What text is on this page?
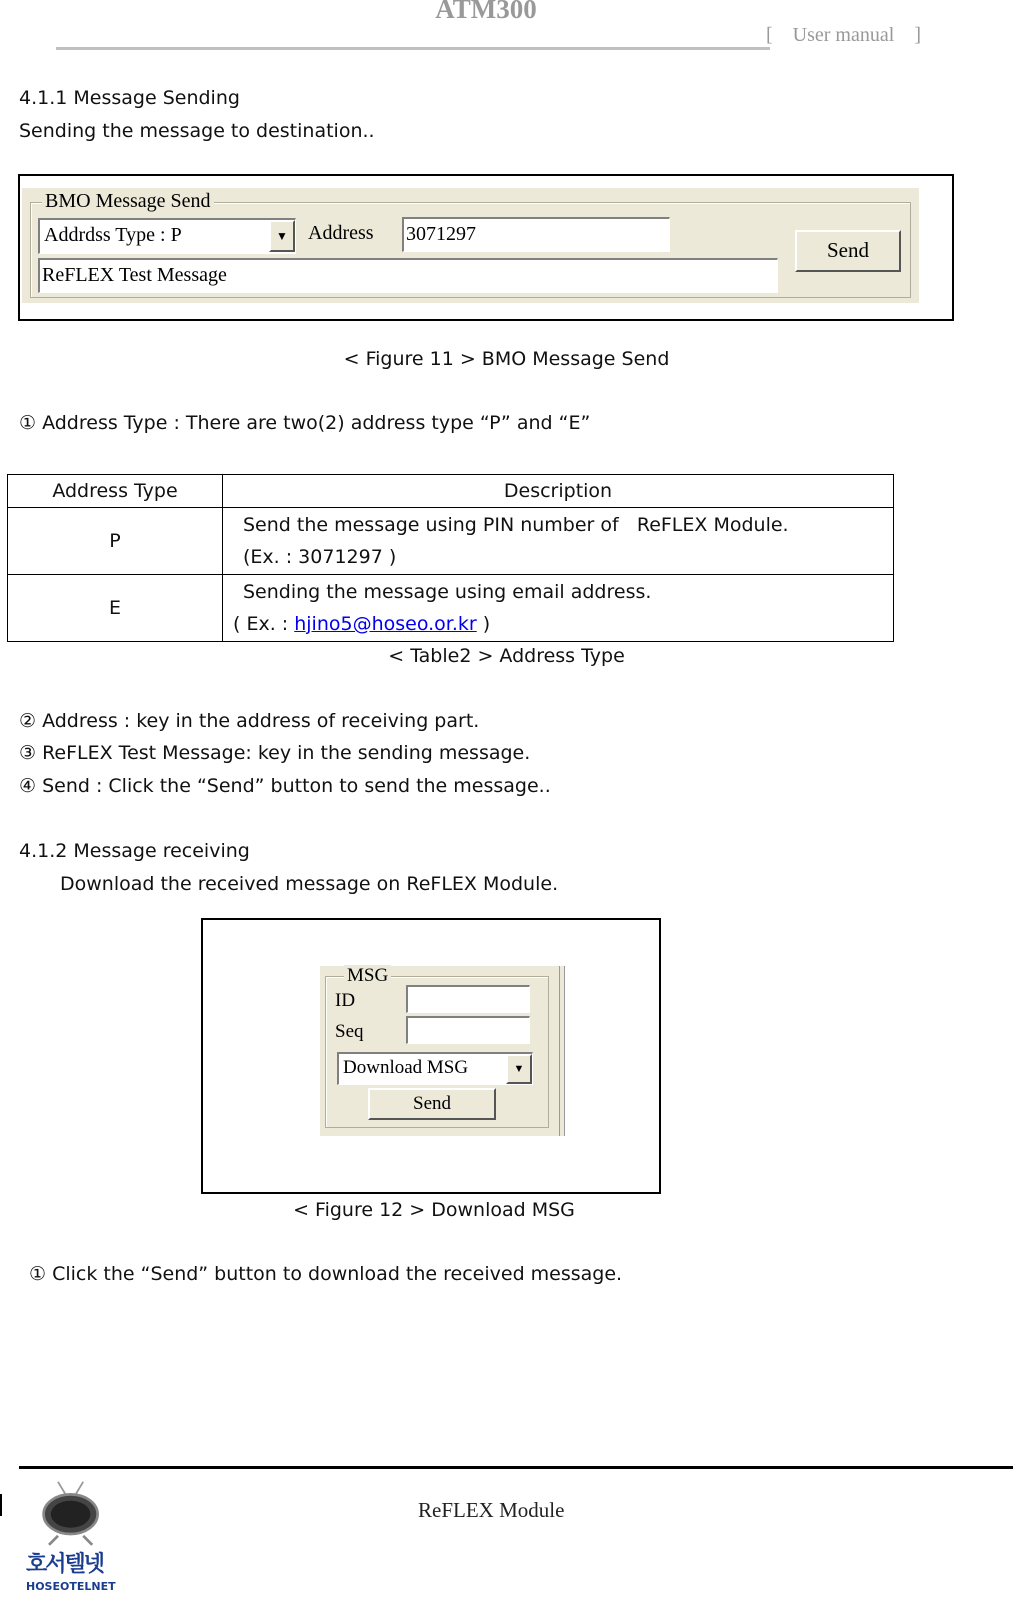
ATM300
[ User manual ]
4.1.1 Message Sending
Sending the message to destination..
BMO Message Send
Addrdss Type : P	▼	Address 3071297
ReFLEX Test Message
Send
< Figure 11 > BMO Message Send
① Address Type : There are two(2) address type “P” and “E”
Address Type	Description
P	Send the message using PIN number of   ReFLEX Module.
(Ex. : 3071297 )

E	Sending the message using email address.
( Ex. : hjino5@hoseo.or.kr )
< Table2 > Address Type
② Address : key in the address of receiving part.
③ ReFLEX Test Message: key in the sending message.
④ Send : Click the “Send” button to send the message..
4.1.2 Message receiving
Download the received message on ReFLEX Module.
MSG
ID
Seq
Download MSG	▼
Send
< Figure 12 > Download MSG
① Click the “Send” button to download the received message.
호서텔넷
HOSEOTELNET
ReFLEX Module
